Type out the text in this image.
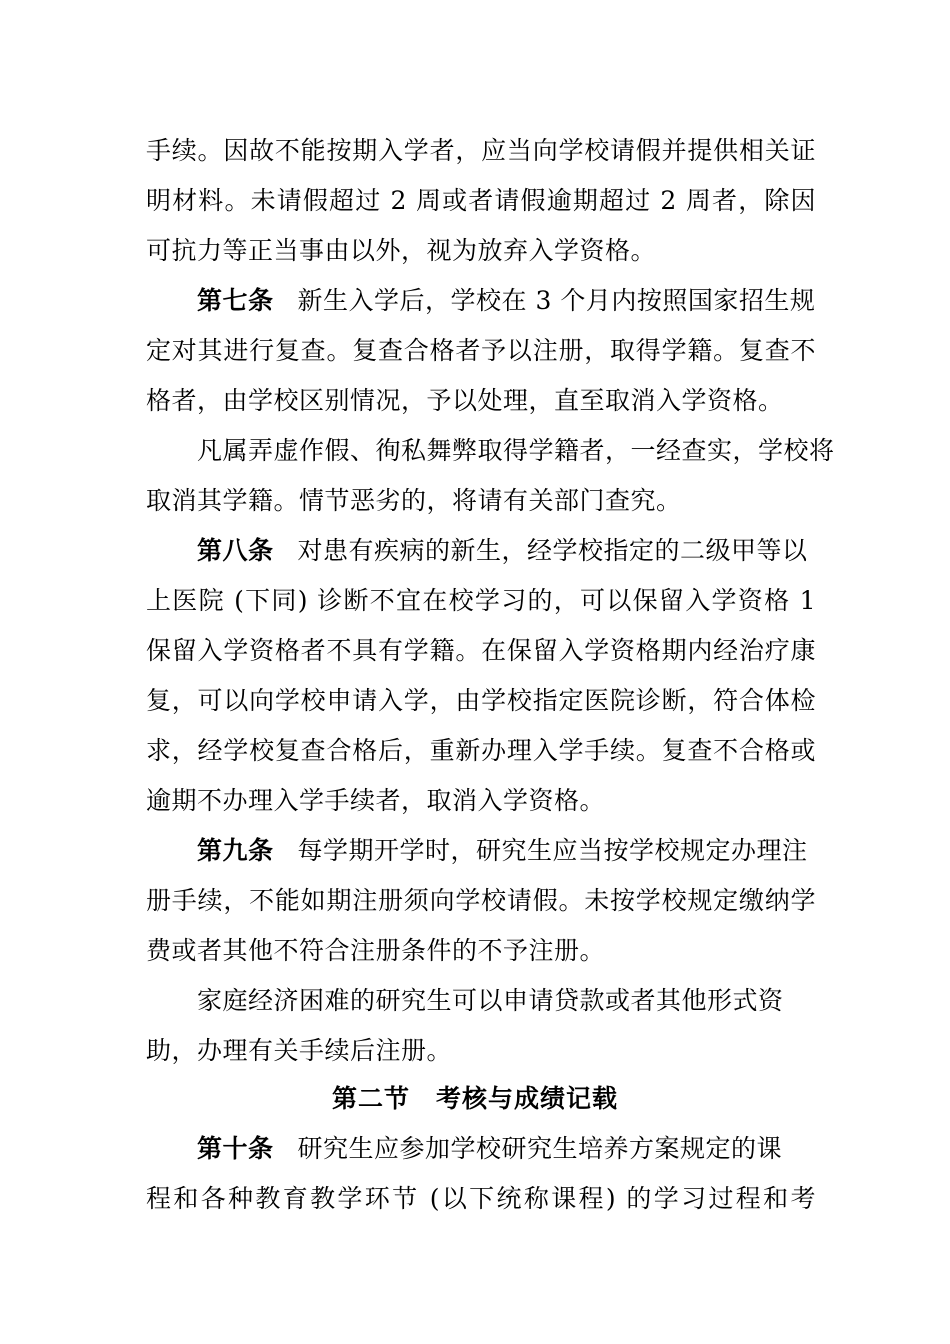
手续。因故不能按期入学者，应当向学校请假并提供相关证
明材料。未请假超过 2 周或者请假逾期超过 2 周者，除因
可抗力等正当事由以外，视为放弃入学资格。
第七条 新生入学后，学校在 3 个月内按照国家招生规
定对其进行复查。复查合格者予以注册，取得学籍。复查不
格者，由学校区别情况，予以处理，直至取消入学资格。
凡属弄虚作假、徇私舞弊取得学籍者，一经查实，学校将
取消其学籍。情节恶劣的，将请有关部门查究。
第八条 对患有疾病的新生，经学校指定的二级甲等以
上医院 (下同) 诊断不宜在校学习的，可以保留入学资格 1
保留入学资格者不具有学籍。在保留入学资格期内经治疗康
复，可以向学校申请入学，由学校指定医院诊断，符合体检
求，经学校复查合格后，重新办理入学手续。复查不合格或
逾期不办理入学手续者，取消入学资格。
第九条 每学期开学时，研究生应当按学校规定办理注
册手续，不能如期注册须向学校请假。未按学校规定缴纳学
费或者其他不符合注册条件的不予注册。
家庭经济困难的研究生可以申请贷款或者其他形式资
助，办理有关手续后注册。
第二节　考核与成绩记载
第十条 研究生应参加学校研究生培养方案规定的课
程和各种教育教学环节 (以下统称课程) 的学习过程和考
